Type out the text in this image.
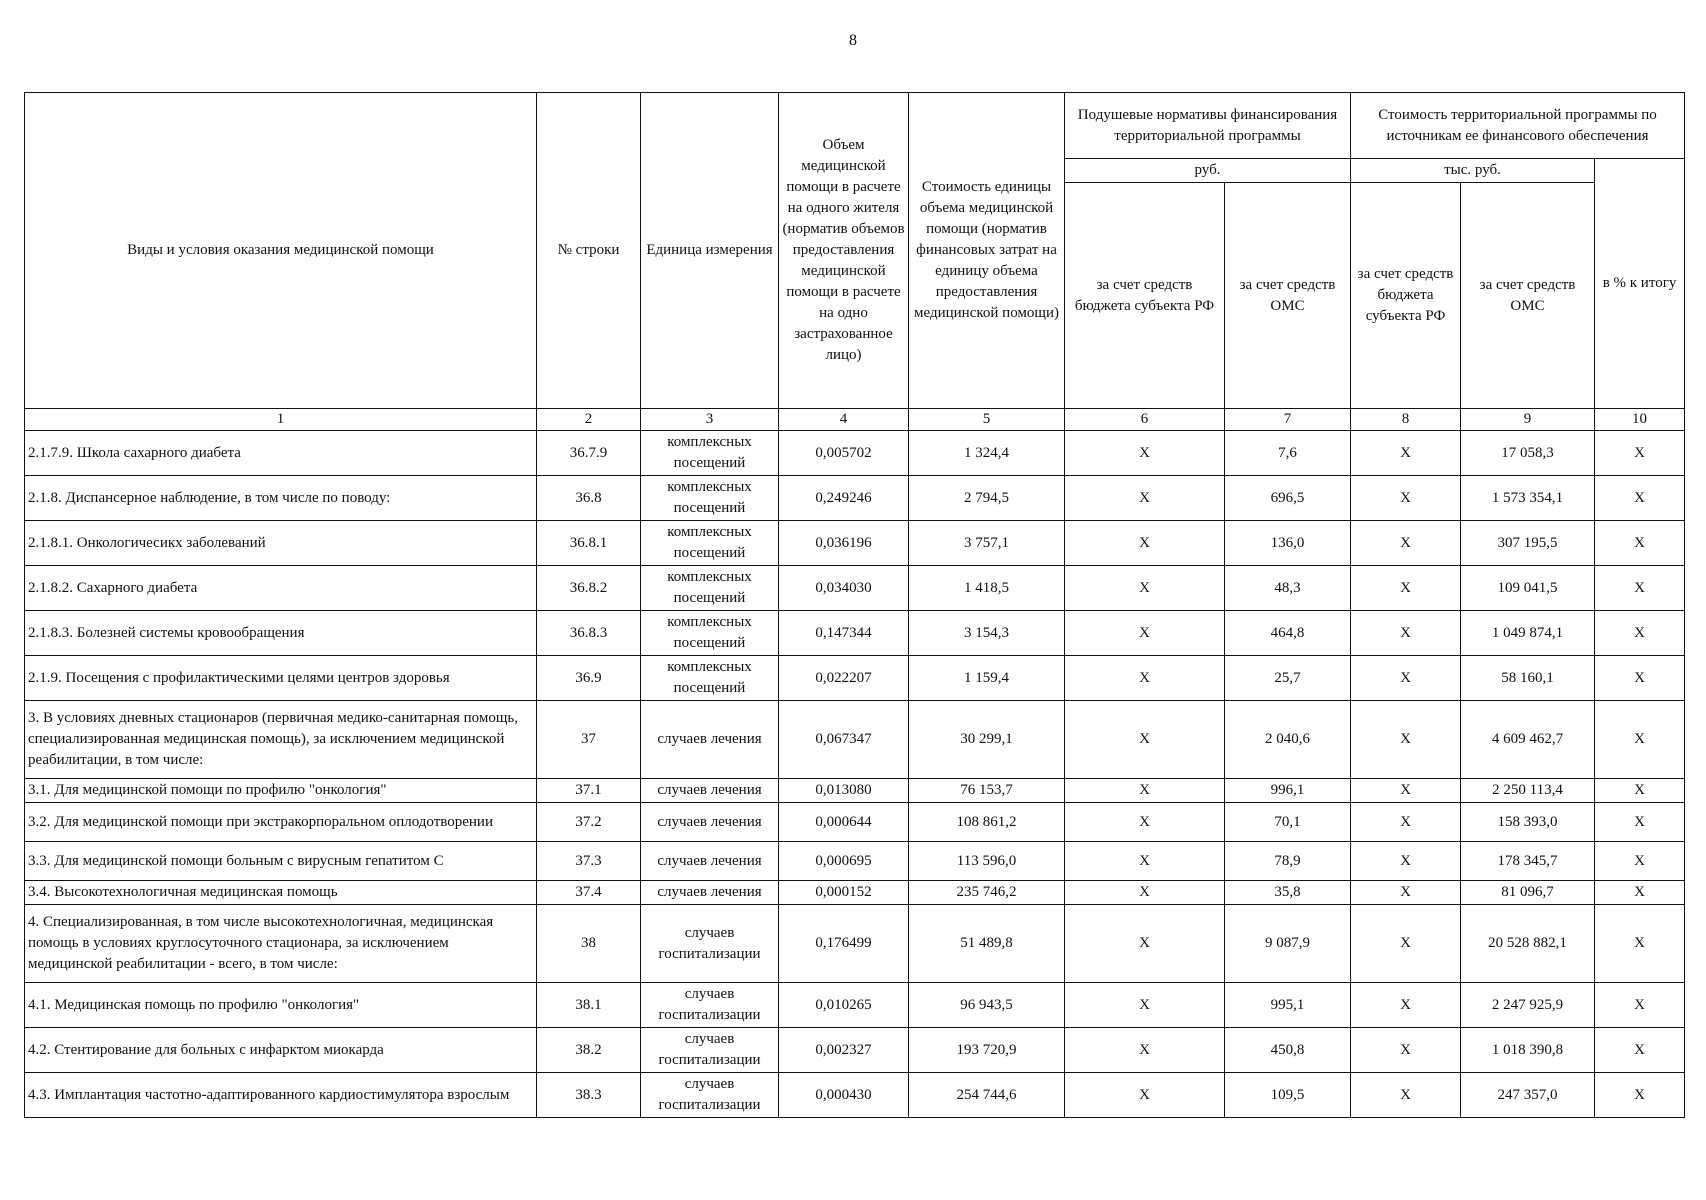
8
Виды и условия оказания медицинской помощи	№ строки	Единица измерения	Объем медицинской помощи в расчете на одного жителя (норматив объемов предоставления медицинской помощи в расчете на одно застрахованное лицо)	Стоимость единицы объема медицинской помощи (норматив финансовых затрат на единицу объема предоставления медицинской помощи)	Подушевые нормативы финансирования территориальной программы		Стоимость территориальной программы по источникам ее финансового обеспечения		
					руб.		тыс. руб.		в % к итогу
					за счет средств бюджета субъекта РФ	за счет средств ОМС	за счет средств бюджета субъекта РФ	за счет средств ОМС	
1	2	3	4	5	6	7	8	9	10
2.1.7.9. Школа сахарного диабета	36.7.9	комплексных посещений	0,005702	1 324,4	X	7,6	X	17 058,3	X
2.1.8. Диспансерное наблюдение, в том числе по поводу:	36.8	комплексных посещений	0,249246	2 794,5	X	696,5	X	1 573 354,1	X
2.1.8.1. Онкологичесикх заболеваний	36.8.1	комплексных посещений	0,036196	3 757,1	X	136,0	X	307 195,5	X
2.1.8.2. Сахарного диабета	36.8.2	комплексных посещений	0,034030	1 418,5	X	48,3	X	109 041,5	X
2.1.8.3. Болезней системы кровообращения	36.8.3	комплексных посещений	0,147344	3 154,3	X	464,8	X	1 049 874,1	X
2.1.9. Посещения с профилактическими целями центров здоровья	36.9	комплексных посещений	0,022207	1 159,4	X	25,7	X	58 160,1	X
3. В условиях дневных стационаров (первичная медико-санитарная помощь, специализированная медицинская помощь), за исключением медицинской реабилитации, в том числе:	37	случаев лечения	0,067347	30 299,1	X	2 040,6	X	4 609 462,7	X
3.1. Для медицинской помощи по профилю "онкология"	37.1	случаев лечения	0,013080	76 153,7	X	996,1	X	2 250 113,4	X
3.2. Для медицинской помощи при экстракорпоральном оплодотворении	37.2	случаев лечения	0,000644	108 861,2	X	70,1	X	158 393,0	X
3.3. Для медицинской помощи больным с вирусным гепатитом С	37.3	случаев лечения	0,000695	113 596,0	X	78,9	X	178 345,7	X
3.4. Высокотехнологичная медицинская помощь	37.4	случаев лечения	0,000152	235 746,2	X	35,8	X	81 096,7	X
4. Специализированная, в том числе высокотехнологичная, медицинская помощь в условиях круглосуточного стационара, за исключением медицинской реабилитации - всего, в том числе:	38	случаев госпитализации	0,176499	51 489,8	X	9 087,9	X	20 528 882,1	X
4.1. Медицинская помощь по профилю "онкология"	38.1	случаев госпитализации	0,010265	96 943,5	X	995,1	X	2 247 925,9	X
4.2. Стентирование для больных с инфарктом миокарда	38.2	случаев госпитализации	0,002327	193 720,9	X	450,8	X	1 018 390,8	X
4.3. Имплантация частотно-адаптированного кардиостимулятора взрослым	38.3	случаев госпитализации	0,000430	254 744,6	X	109,5	X	247 357,0	X
